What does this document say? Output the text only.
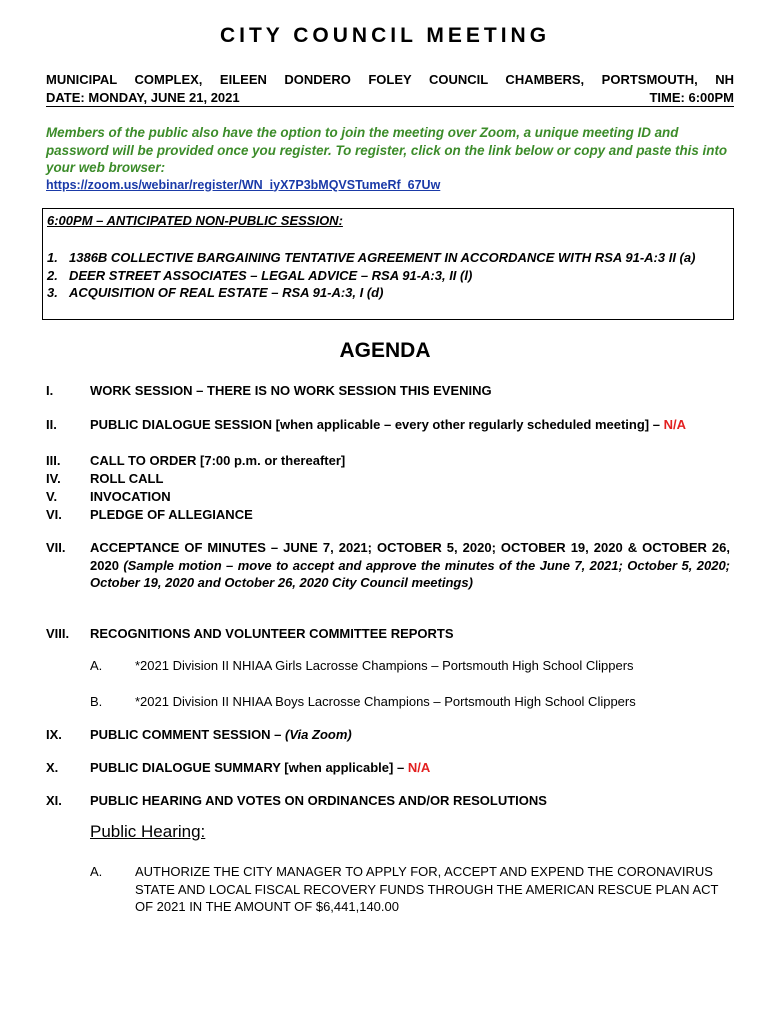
CITY COUNCIL MEETING
MUNICIPAL COMPLEX, EILEEN DONDERO FOLEY COUNCIL CHAMBERS, PORTSMOUTH, NH
DATE: MONDAY, JUNE 21, 2021	TIME: 6:00PM
Members of the public also have the option to join the meeting over Zoom, a unique meeting ID and password will be provided once you register. To register, click on the link below or copy and paste this into your web browser:
https://zoom.us/webinar/register/WN_iyX7P3bMQVSTumeRf_67Uw
6:00PM – ANTICIPATED NON-PUBLIC SESSION:
1. 1386B COLLECTIVE BARGAINING TENTATIVE AGREEMENT IN ACCORDANCE WITH RSA 91-A:3 II (a)
2. DEER STREET ASSOCIATES – LEGAL ADVICE – RSA 91-A:3, II (l)
3. ACQUISITION OF REAL ESTATE – RSA 91-A:3, I (d)
AGENDA
I.	WORK SESSION – THERE IS NO WORK SESSION THIS EVENING
II.	PUBLIC DIALOGUE SESSION [when applicable – every other regularly scheduled meeting] – N/A
III. CALL TO ORDER [7:00 p.m. or thereafter]
IV. ROLL CALL
V.	INVOCATION
VI. PLEDGE OF ALLEGIANCE
VII. ACCEPTANCE OF MINUTES – JUNE 7, 2021; OCTOBER 5, 2020; OCTOBER 19, 2020 & OCTOBER 26, 2020 (Sample motion – move to accept and approve the minutes of the June 7, 2021; October 5, 2020; October 19, 2020 and October 26, 2020 City Council meetings)
VIII. RECOGNITIONS AND VOLUNTEER COMMITTEE REPORTS
A.	*2021 Division II NHIAA Girls Lacrosse Champions – Portsmouth High School Clippers
B.	*2021 Division II NHIAA Boys Lacrosse Champions – Portsmouth High School Clippers
IX. PUBLIC COMMENT SESSION – (Via Zoom)
X. PUBLIC DIALOGUE SUMMARY [when applicable] – N/A
XI. PUBLIC HEARING AND VOTES ON ORDINANCES AND/OR RESOLUTIONS
Public Hearing:
A.	AUTHORIZE THE CITY MANAGER TO APPLY FOR, ACCEPT AND EXPEND THE CORONAVIRUS STATE AND LOCAL FISCAL RECOVERY FUNDS THROUGH THE AMERICAN RESCUE PLAN ACT OF 2021 IN THE AMOUNT OF $6,441,140.00
